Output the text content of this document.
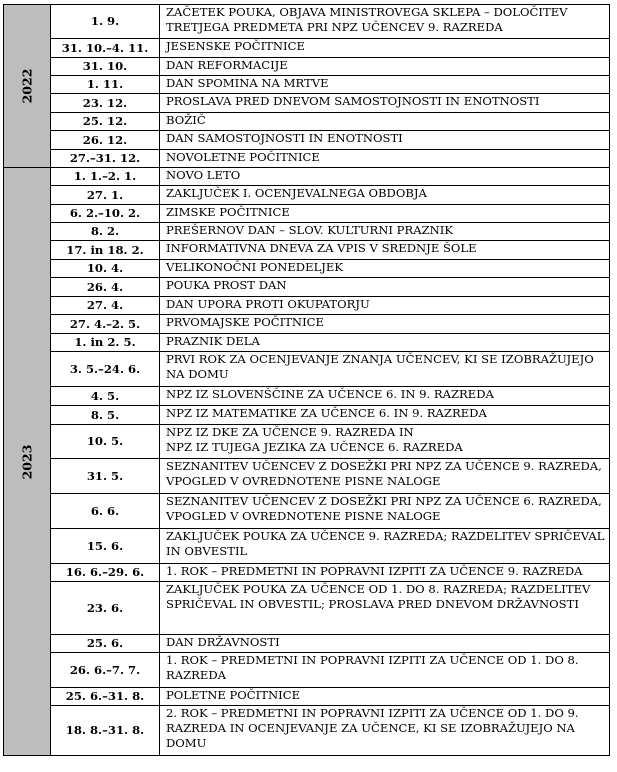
2022	1. 9.	ZAČETEK POUKA, OBJAVA MINISTROVEGA SKLEPA – DOLOČITEV TRETJEGA PREDMETA PRI NPZ UČENCEV 9. RAZREDA
	31. 10.–4. 11.	JESENSKE POČITNICE
	31. 10.	DAN REFORMACIJE
	1. 11.	DAN SPOMINA NA MRTVE
	23. 12.	PROSLAVA PRED DNEVOM SAMOSTOJNOSTI IN ENOTNOSTI
	25. 12.	BOŽIČ
	26. 12.	DAN SAMOSTOJNOSTI IN ENOTNOSTI
	27.–31. 12.	NOVOLETNE POČITNICE

2023	1. 1.–2. 1.	NOVO LETO
	27. 1.	ZAKLJUČEK I. OCENJEVALNEGA OBDOBJA
	6. 2.–10. 2.	ZIMSKE POČITNICE
	8. 2.	PREŠERNOV DAN – SLOV. KULTURNI PRAZNIK
	17. in 18. 2.	INFORMATIVNA DNEVA ZA VPIS V SREDNJE ŠOLE
	10. 4.	VELIKONOČNI PONEDELJEK
	26. 4.	POUKA PROST DAN
	27. 4.	DAN UPORA PROTI OKUPATORJU
	27. 4.–2. 5.	PRVOMAJSKE POČITNICE
	1. in 2. 5.	PRAZNIK DELA
	3. 5.–24. 6.	PRVI ROK ZA OCENJEVANJE ZNANJA UČENCEV, KI SE IZOBRAŽUJEJO NA DOMU
	4. 5.	NPZ IZ SLOVENŠČINE ZA UČENCE 6. IN 9. RAZREDA
	8. 5.	NPZ IZ MATEMATIKE ZA UČENCE 6. IN 9. RAZREDA
	10. 5.	NPZ IZ DKE ZA UČENCE 9. RAZREDA IN
NPZ IZ TUJEGA JEZIKA ZA UČENCE 6. RAZREDA
	31. 5.	SEZNANITEV UČENCEV Z DOSEŽKI PRI NPZ ZA UČENCE 9. RAZREDA, VPOGLED V OVREDNOTENE PISNE NALOGE
	6. 6.	SEZNANITEV UČENCEV Z DOSEŽKI PRI NPZ ZA UČENCE 6. RAZREDA, VPOGLED V OVREDNOTENE PISNE NALOGE
	15. 6.	ZAKLJUČEK POUKA ZA UČENCE 9. RAZREDA; RAZDELITEV SPRIČEVAL IN OBVESTIL
	16. 6.–29. 6.	1. ROK – PREDMETNI IN POPRAVNI IZPITI ZA UČENCE 9. RAZREDA
	23. 6.	ZAKLJUČEK POUKA ZA UČENCE OD 1. DO 8. RAZREDA; RAZDELITEV SPRIČEVAL IN OBVESTIL; PROSLAVA PRED DNEVOM DRŽAVNOSTI
	25. 6.	DAN DRŽAVNOSTI
	26. 6.–7. 7.	1. ROK – PREDMETNI IN POPRAVNI IZPITI ZA UČENCE OD 1. DO 8. RAZREDA
	25. 6.–31. 8.	POLETNE POČITNICE
	18. 8.–31. 8.	2. ROK – PREDMETNI IN POPRAVNI IZPITI ZA UČENCE OD 1. DO 9. RAZREDA IN OCENJEVANJE ZA UČENCE, KI SE IZOBRAŽUJEJO NA DOMU
